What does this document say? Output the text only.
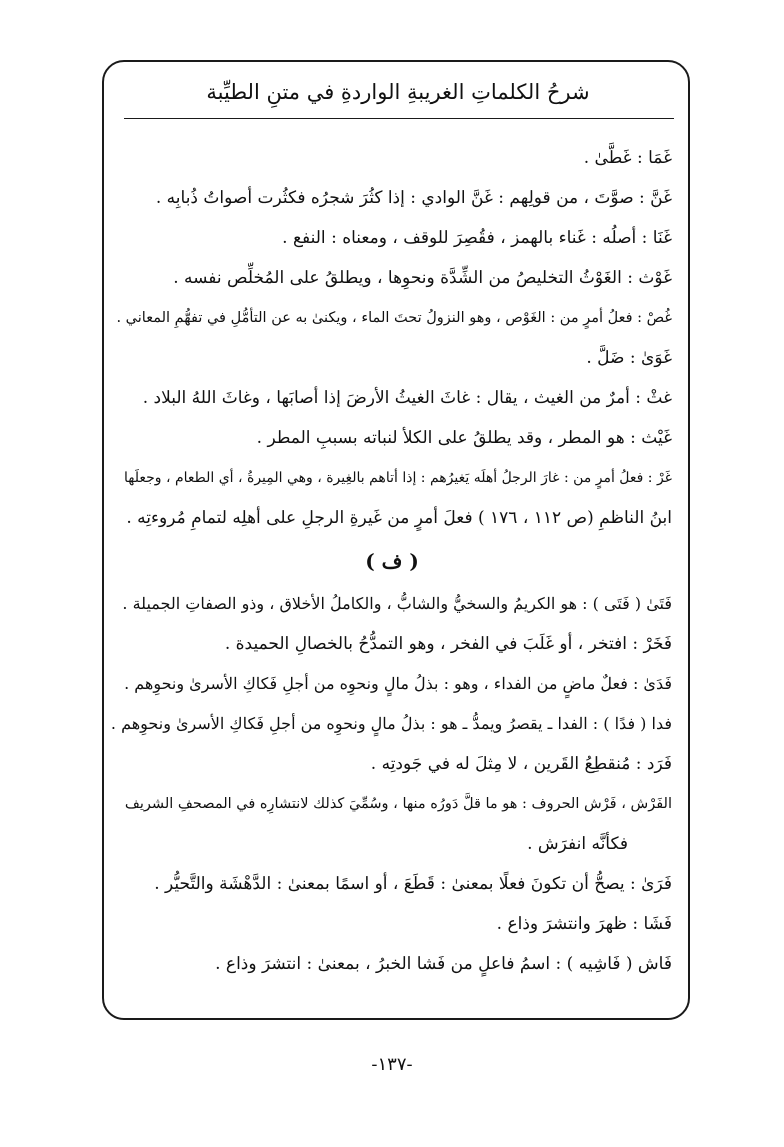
شرحُ الكلماتِ الغريبةِ الواردةِ في متنِ الطيِّبة
غَمَا : غَطَّىٰ .
غَنَّ : صوَّتَ ، من قولِهم : غَنَّ الوادي : إذا كثُرَ شجرُه فكثُرت أصواتُ ذُبابِه .
غَنَا : أصلُه : غَناء بالهمز ، فقُصِرَ للوقف ، ومعناه : النفع .
غَوْث : الغَوْثُ التخليصُ من الشِّدَّة ونحوِها ، ويطلقُ على المُخلِّص نفسه .
غُصْ : فعلُ أمرٍ من : الغَوْص ، وهو النزولُ تحتَ الماء ، ويكنىٰ به عن التأمُّلِ في تفهُّمِ المعاني .
غَوَىٰ : ضَلَّ .
غثْ : أمرٌ من الغيث ، يقال : غاثَ الغيثُ الأرضَ إذا أصابَها ، وغاثَ اللهُ البلاد .
غَيْث : هو المطر ، وقد يطلقُ على الكلأ لنباته بسببِ المطر .
غَرْ : فعلُ أمرٍ من : غارَ الرجلُ أهلَه يَغيرُهم : إذا أتاهم بالغِيرة ، وهي المِيرةُ ، أي الطعام ، وجعلَها
ابنُ الناظمِ (ص ١١٢ ، ١٧٦ ) فعلَ أمرٍ من غَيرةِ الرجلِ على أهلِه لتمامِ مُروءتِه .
( ف )
فَتَىٰ ( فَتَى ) : هو الكريمُ والسخيُّ والشابُّ ، والكاملُ الأخلاق ، وذو الصفاتِ الجميلة .
فَخَرْ : افتخر ، أو غَلَبَ في الفخر ، وهو التمدُّحُ بالخصالِ الحميدة .
فَدَىٰ : فعلٌ ماضٍ من الفداء ، وهو : بذلُ مالٍ ونحوِه من أجلِ فَكاكِ الأسرىٰ ونحوِهم .
فدا ( فدًا ) : الفدا ـ يقصرُ ويمدُّ ـ هو : بذلُ مالٍ ونحوِه من أجلِ فَكاكِ الأسرىٰ ونحوِهم .
فَرَد : مُنقطِعُ القَرين ، لا مِثلَ له في جَودتِه .
الفَرْش ، فَرْش الحروف : هو ما قلَّ دَورُه منها ، وسُمِّيَ كذلك لانتشارِه في المصحفِ الشريف
فكأنَّه انفرَش .
فَرَىٰ : يصحُّ أن تكونَ فعلًا بمعنىٰ : قَطَعَ ، أو اسمًا بمعنىٰ : الدَّهْشَة والتَّحيُّر .
فَشَا : ظهرَ وانتشرَ وذاع .
فَاش ( فَاشِيه ) : اسمُ فاعلٍ من فَشا الخبرُ ، بمعنىٰ : انتشرَ وذاع .
-١٣٧-
